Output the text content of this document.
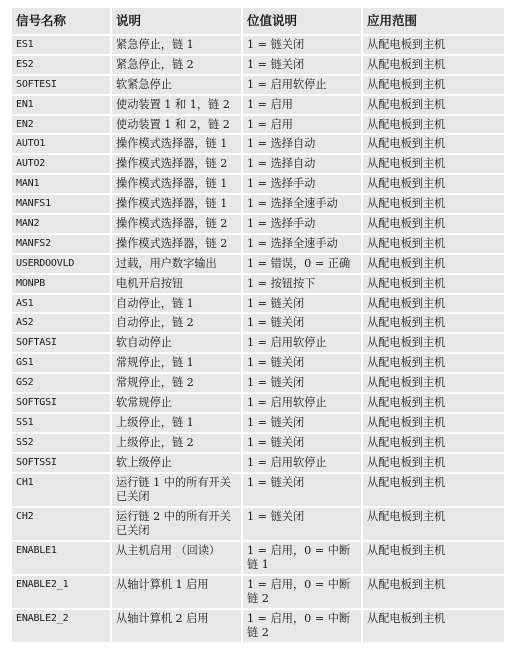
信号名称	说明	位值说明	应用范围
ES1	紧急停止，链 1	1 = 链关闭	从配电板到主机
ES2	紧急停止，链 2	1 = 链关闭	从配电板到主机
SOFTESI	软紧急停止	1 = 启用软停止	从配电板到主机
EN1	使动装置 1 和 1，链 2	1 = 启用	从配电板到主机
EN2	使动装置 1 和 2，链 2	1 = 启用	从配电板到主机
AUTO1	操作模式选择器，链 1	1 = 选择自动	从配电板到主机
AUTO2	操作模式选择器，链 2	1 = 选择自动	从配电板到主机
MAN1	操作模式选择器，链 1	1 = 选择手动	从配电板到主机
MANFS1	操作模式选择器，链 1	1 = 选择全速手动	从配电板到主机
MAN2	操作模式选择器，链 2	1 = 选择手动	从配电板到主机
MANFS2	操作模式选择器，链 2	1 = 选择全速手动	从配电板到主机
USERDOOVLD	过载，用户数字输出	1 = 错误，0 = 正确	从配电板到主机
MONPB	电机开启按钮	1 = 按钮按下	从配电板到主机
AS1	自动停止，链 1	1 = 链关闭	从配电板到主机
AS2	自动停止，链 2	1 = 链关闭	从配电板到主机
SOFTASI	软自动停止	1 = 启用软停止	从配电板到主机
GS1	常规停止，链 1	1 = 链关闭	从配电板到主机
GS2	常规停止，链 2	1 = 链关闭	从配电板到主机
SOFTGSI	软常规停止	1 = 启用软停止	从配电板到主机
SS1	上级停止，链 1	1 = 链关闭	从配电板到主机
SS2	上级停止，链 2	1 = 链关闭	从配电板到主机
SOFTSSI	软上级停止	1 = 启用软停止	从配电板到主机
CH1	运行链 1 中的所有开关已关闭	1 = 链关闭	从配电板到主机
CH2	运行链 2 中的所有开关已关闭	1 = 链关闭	从配电板到主机
ENABLE1	从主机启用 （回读）	1 = 启用，0 = 中断链 1	从配电板到主机
ENABLE2_1	从轴计算机 1 启用	1 = 启用，0 = 中断链 2	从配电板到主机
ENABLE2_2	从轴计算机 2 启用	1 = 启用，0 = 中断链 2	从配电板到主机
